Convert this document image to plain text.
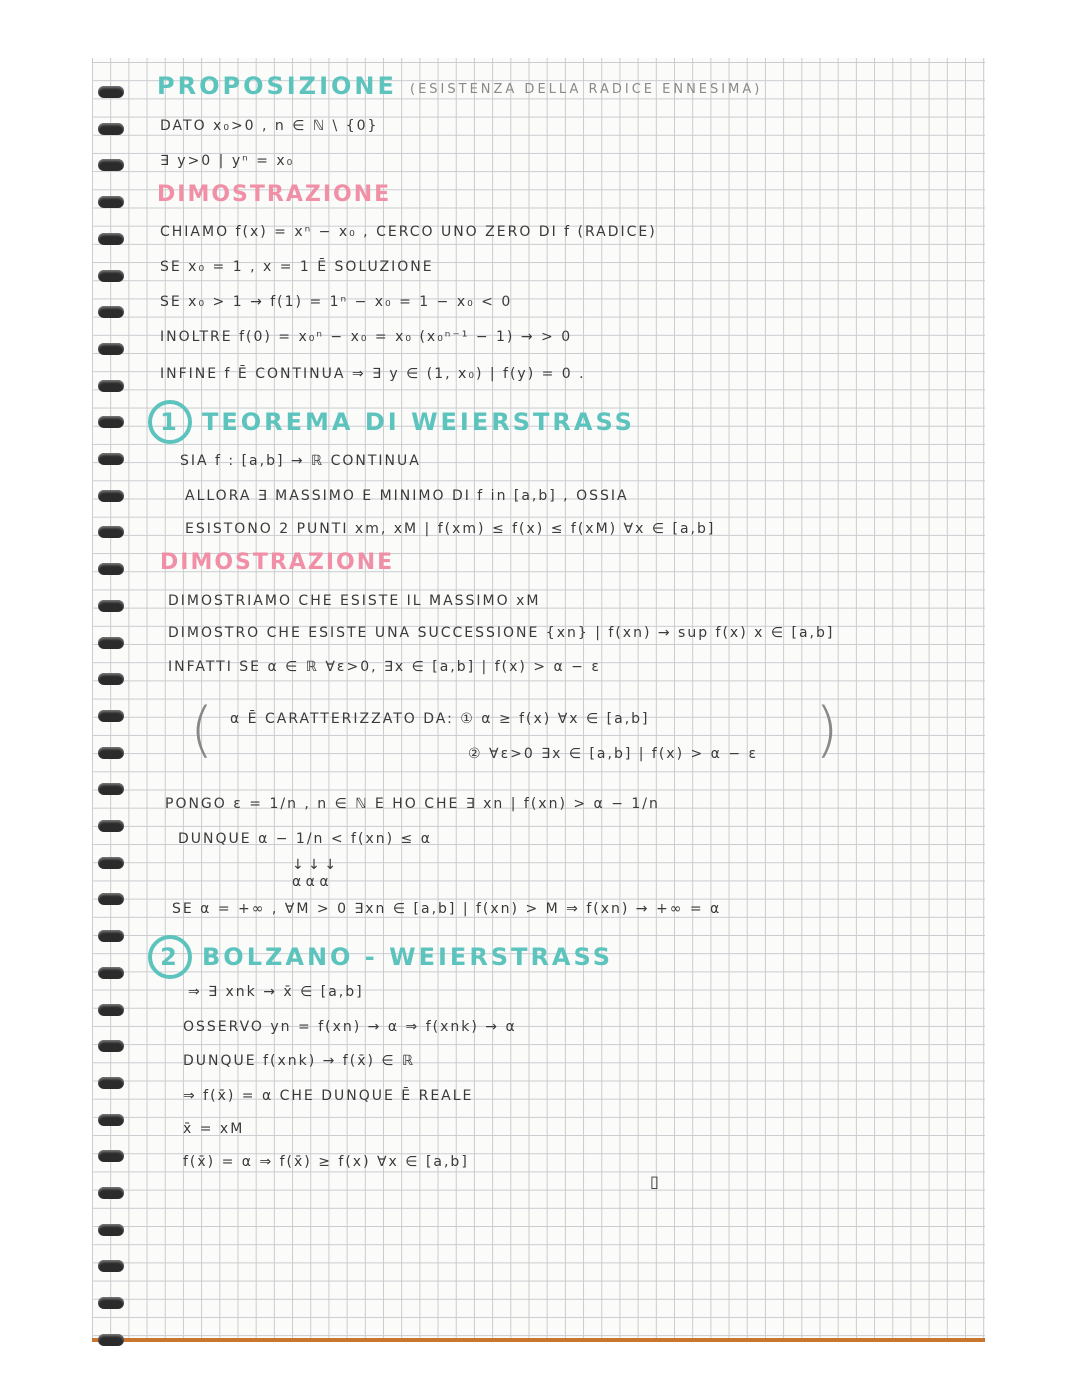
PROPOSIZIONE (ESISTENZA DELLA RADICE ENNESIMA)
DATO x₀>0 , n ∈ ℕ \ {0}
∃ y>0 | yⁿ = x₀
DIMOSTRAZIONE
CHIAMO f(x) = xⁿ − x₀ , CERCO UNO ZERO DI f (RADICE)
SE x₀ = 1 , x = 1 Ē SOLUZIONE
SE x₀ > 1 → f(1) = 1ⁿ − x₀ = 1 − x₀ < 0
INOLTRE f(0) = x₀ⁿ − x₀ = x₀ (x₀ⁿ⁻¹ − 1) → > 0
INFINE f Ē CONTINUA ⇒ ∃ y ∈ (1, x₀) | f(y) = 0 .
1 TEOREMA DI WEIERSTRASS
SIA f : [a,b] → ℝ CONTINUA
ALLORA ∃ MASSIMO E MINIMO DI f in [a,b] , OSSIA
ESISTONO 2 PUNTI xm, xM | f(xm) ≤ f(x) ≤ f(xM) ∀x ∈ [a,b]
DIMOSTRAZIONE
DIMOSTRIAMO CHE ESISTE IL MASSIMO xM
DIMOSTRO CHE ESISTE UNA SUCCESSIONE {xn} | f(xn) → sup f(x) x ∈ [a,b]
INFATTI SE α ∈ ℝ ∀ε>0, ∃x ∈ [a,b] | f(x) > α − ε
(	)
α Ē CARATTERIZZATO DA: ① α ≥ f(x) ∀x ∈ [a,b]
② ∀ε>0 ∃x ∈ [a,b] | f(x) > α − ε
PONGO ε = 1/n , n ∈ ℕ E HO CHE ∃ xn | f(xn) > α − 1/n
DUNQUE α − 1/n < f(xn) ≤ α
↓ ↓ ↓
α α α
SE α = +∞ , ∀M > 0 ∃xn ∈ [a,b] | f(xn) > M ⇒ f(xn) → +∞ = α
2 BOLZANO - WEIERSTRASS
⇒ ∃ xnk → x̄ ∈ [a,b]
OSSERVO yn = f(xn) → α ⇒ f(xnk) → α
DUNQUE f(xnk) → f(x̄) ∈ ℝ
⇒ f(x̄) = α CHE DUNQUE Ē REALE
x̄ = xM
f(x̄) = α ⇒ f(x̄) ≥ f(x) ∀x ∈ [a,b]
▯
